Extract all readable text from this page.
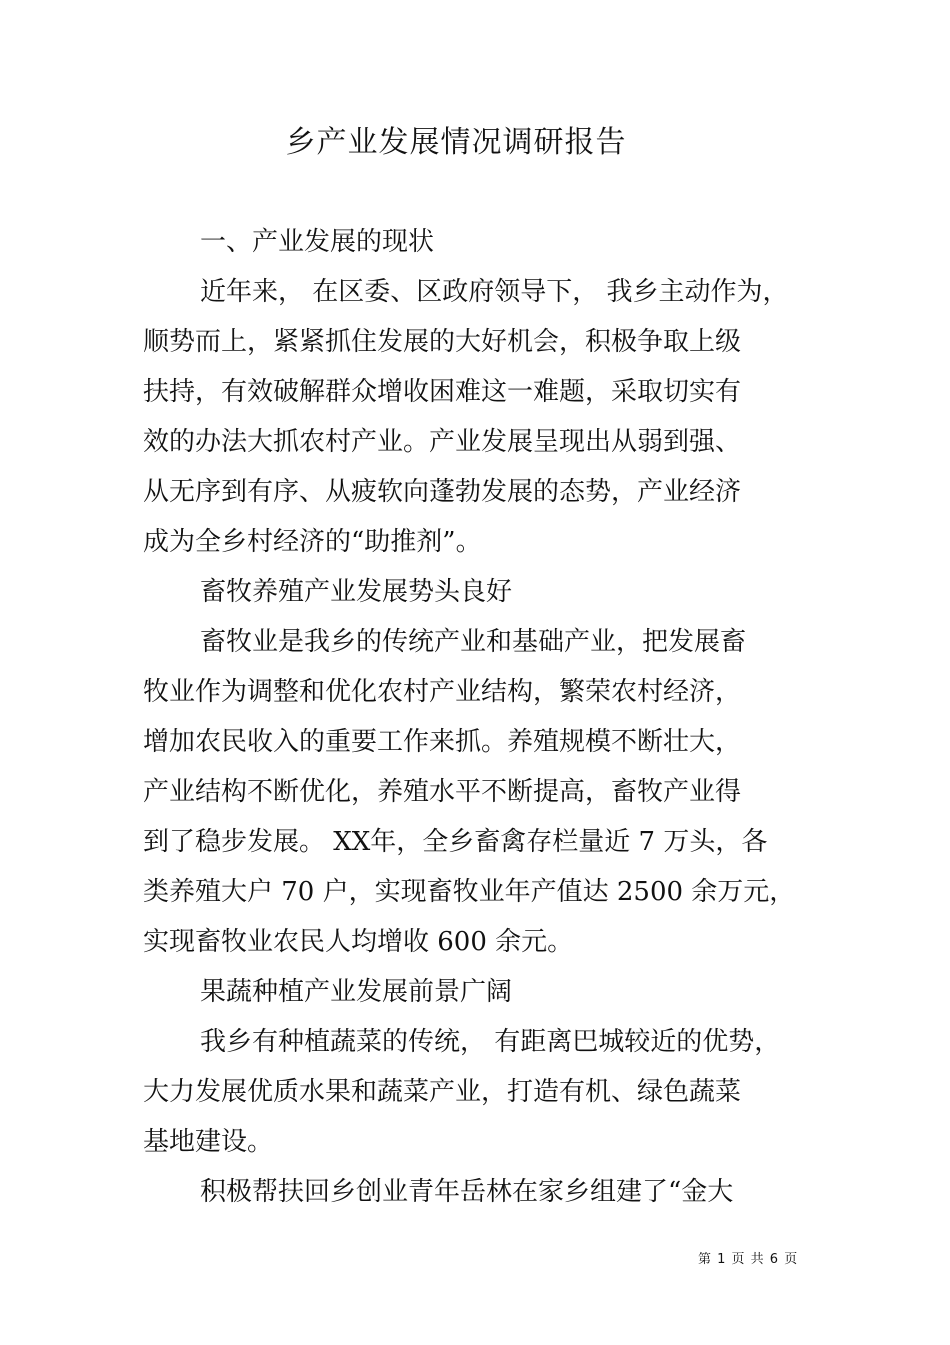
乡产业发展情况调研报告
一、产业发展的现状
近年来， 在区委、区政府领导下， 我乡主动作为，
顺势而上，紧紧抓住发展的大好机会，积极争取上级
扶持，有效破解群众增收困难这一难题，采取切实有
效的办法大抓农村产业。产业发展呈现出从弱到强、
从无序到有序、从疲软向蓬勃发展的态势，产业经济
成为全乡村经济的“助推剂”。
畜牧养殖产业发展势头良好
畜牧业是我乡的传统产业和基础产业，把发展畜
牧业作为调整和优化农村产业结构，繁荣农村经济，
增加农民收入的重要工作来抓。养殖规模不断壮大，
产业结构不断优化，养殖水平不断提高，畜牧产业得
到了稳步发展。 XX年，全乡畜禽存栏量近 7 万头，各
类养殖大户 70 户，实现畜牧业年产值达 2500 余万元，
实现畜牧业农民人均增收 600 余元。
果蔬种植产业发展前景广阔
我乡有种植蔬菜的传统， 有距离巴城较近的优势，
大力发展优质水果和蔬菜产业，打造有机、绿色蔬菜
基地建设。
积极帮扶回乡创业青年岳林在家乡组建了“金大
第 1 页 共 6 页
